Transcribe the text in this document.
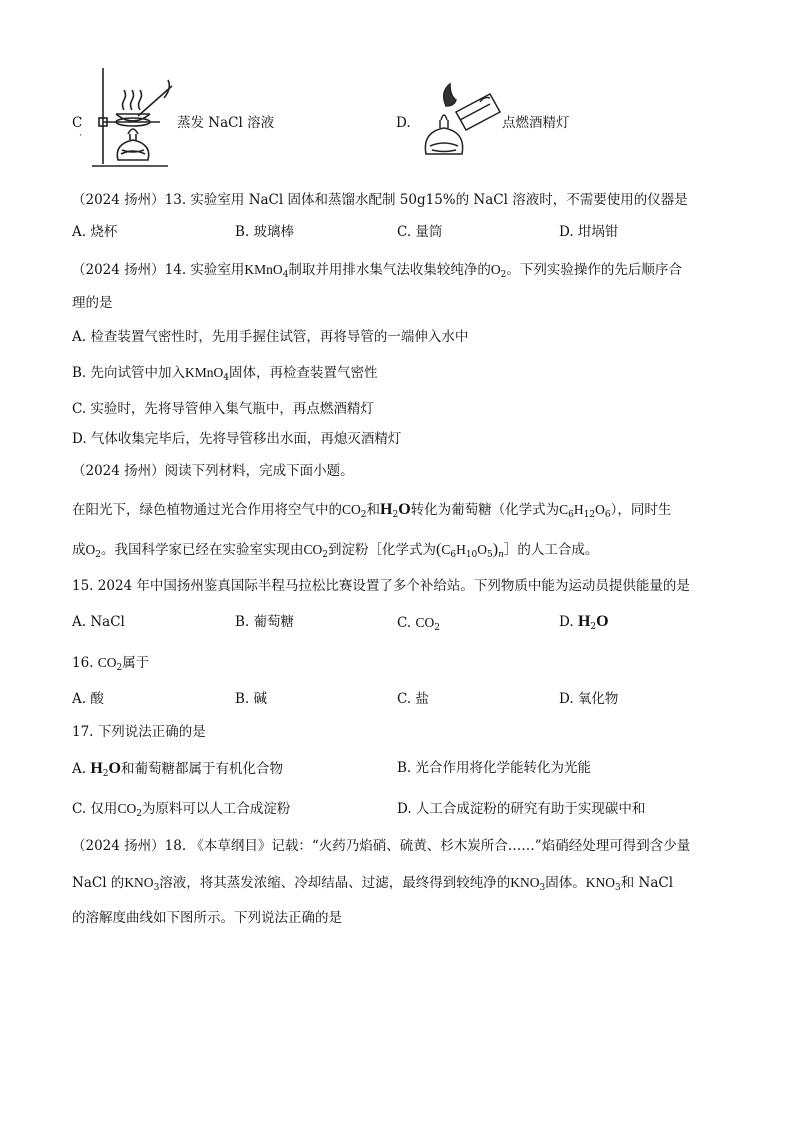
C
·
蒸发 NaCl 溶液	D.	点燃酒精灯
（2024 扬州）13. 实验室用 NaCl 固体和蒸馏水配制 50g15%的 NaCl 溶液时，不需要使用的仪器是
A. 烧杯	B. 玻璃棒	C. 量筒	D. 坩埚钳
（2024 扬州）14. 实验室用KMnO$_4$制取并用排水集气法收集较纯净的$O_2$。下列实验操作的先后顺序合
理的是
A. 检查装置气密性时，先用手握住试管，再将导管的一端伸入水中
B. 先向试管中加入KMnO$_4$固体，再检查装置气密性
C. 实验时，先将导管伸入集气瓶中，再点燃酒精灯
D. 气体收集完毕后，先将导管移出水面，再熄灭酒精灯
（2024 扬州）阅读下列材料，完成下面小题。
在阳光下，绿色植物通过光合作用将空气中的$CO_2$和$H_2O$转化为葡萄糖（化学式为$C_6H_{12}O_6$），同时生
成$O_2$。我国科学家已经在实验室实现由$CO_2$到淀粉［化学式为$(C_6H_{10}O_5)_n]$的人工合成。
15. 2024 年中国扬州鉴真国际半程马拉松比赛设置了多个补给站。下列物质中能为运动员提供能量的是
A. NaCl	B. 葡萄糖	C. $CO_2$	D. $H_2O$
16. $CO_2$属于
A. 酸	B. 碱	C. 盐	D. 氧化物
17. 下列说法正确的是
A. $H_2O$和葡萄糖都属于有机化合物	B. 光合作用将化学能转化为光能
C. 仅用$CO_2$为原料可以人工合成淀粉	D. 人工合成淀粉的研究有助于实现碳中和
（2024 扬州）18. 《本草纲目》记载：“火药乃焰硝、硫黄、杉木炭所合……”焰硝经处理可得到含少量
NaCl 的$KNO_3$溶液，将其蒸发浓缩、冷却结晶、过滤，最终得到较纯净的$KNO_3$固体。$KNO_3$和 NaCl
的溶解度曲线如下图所示。下列说法正确的是
